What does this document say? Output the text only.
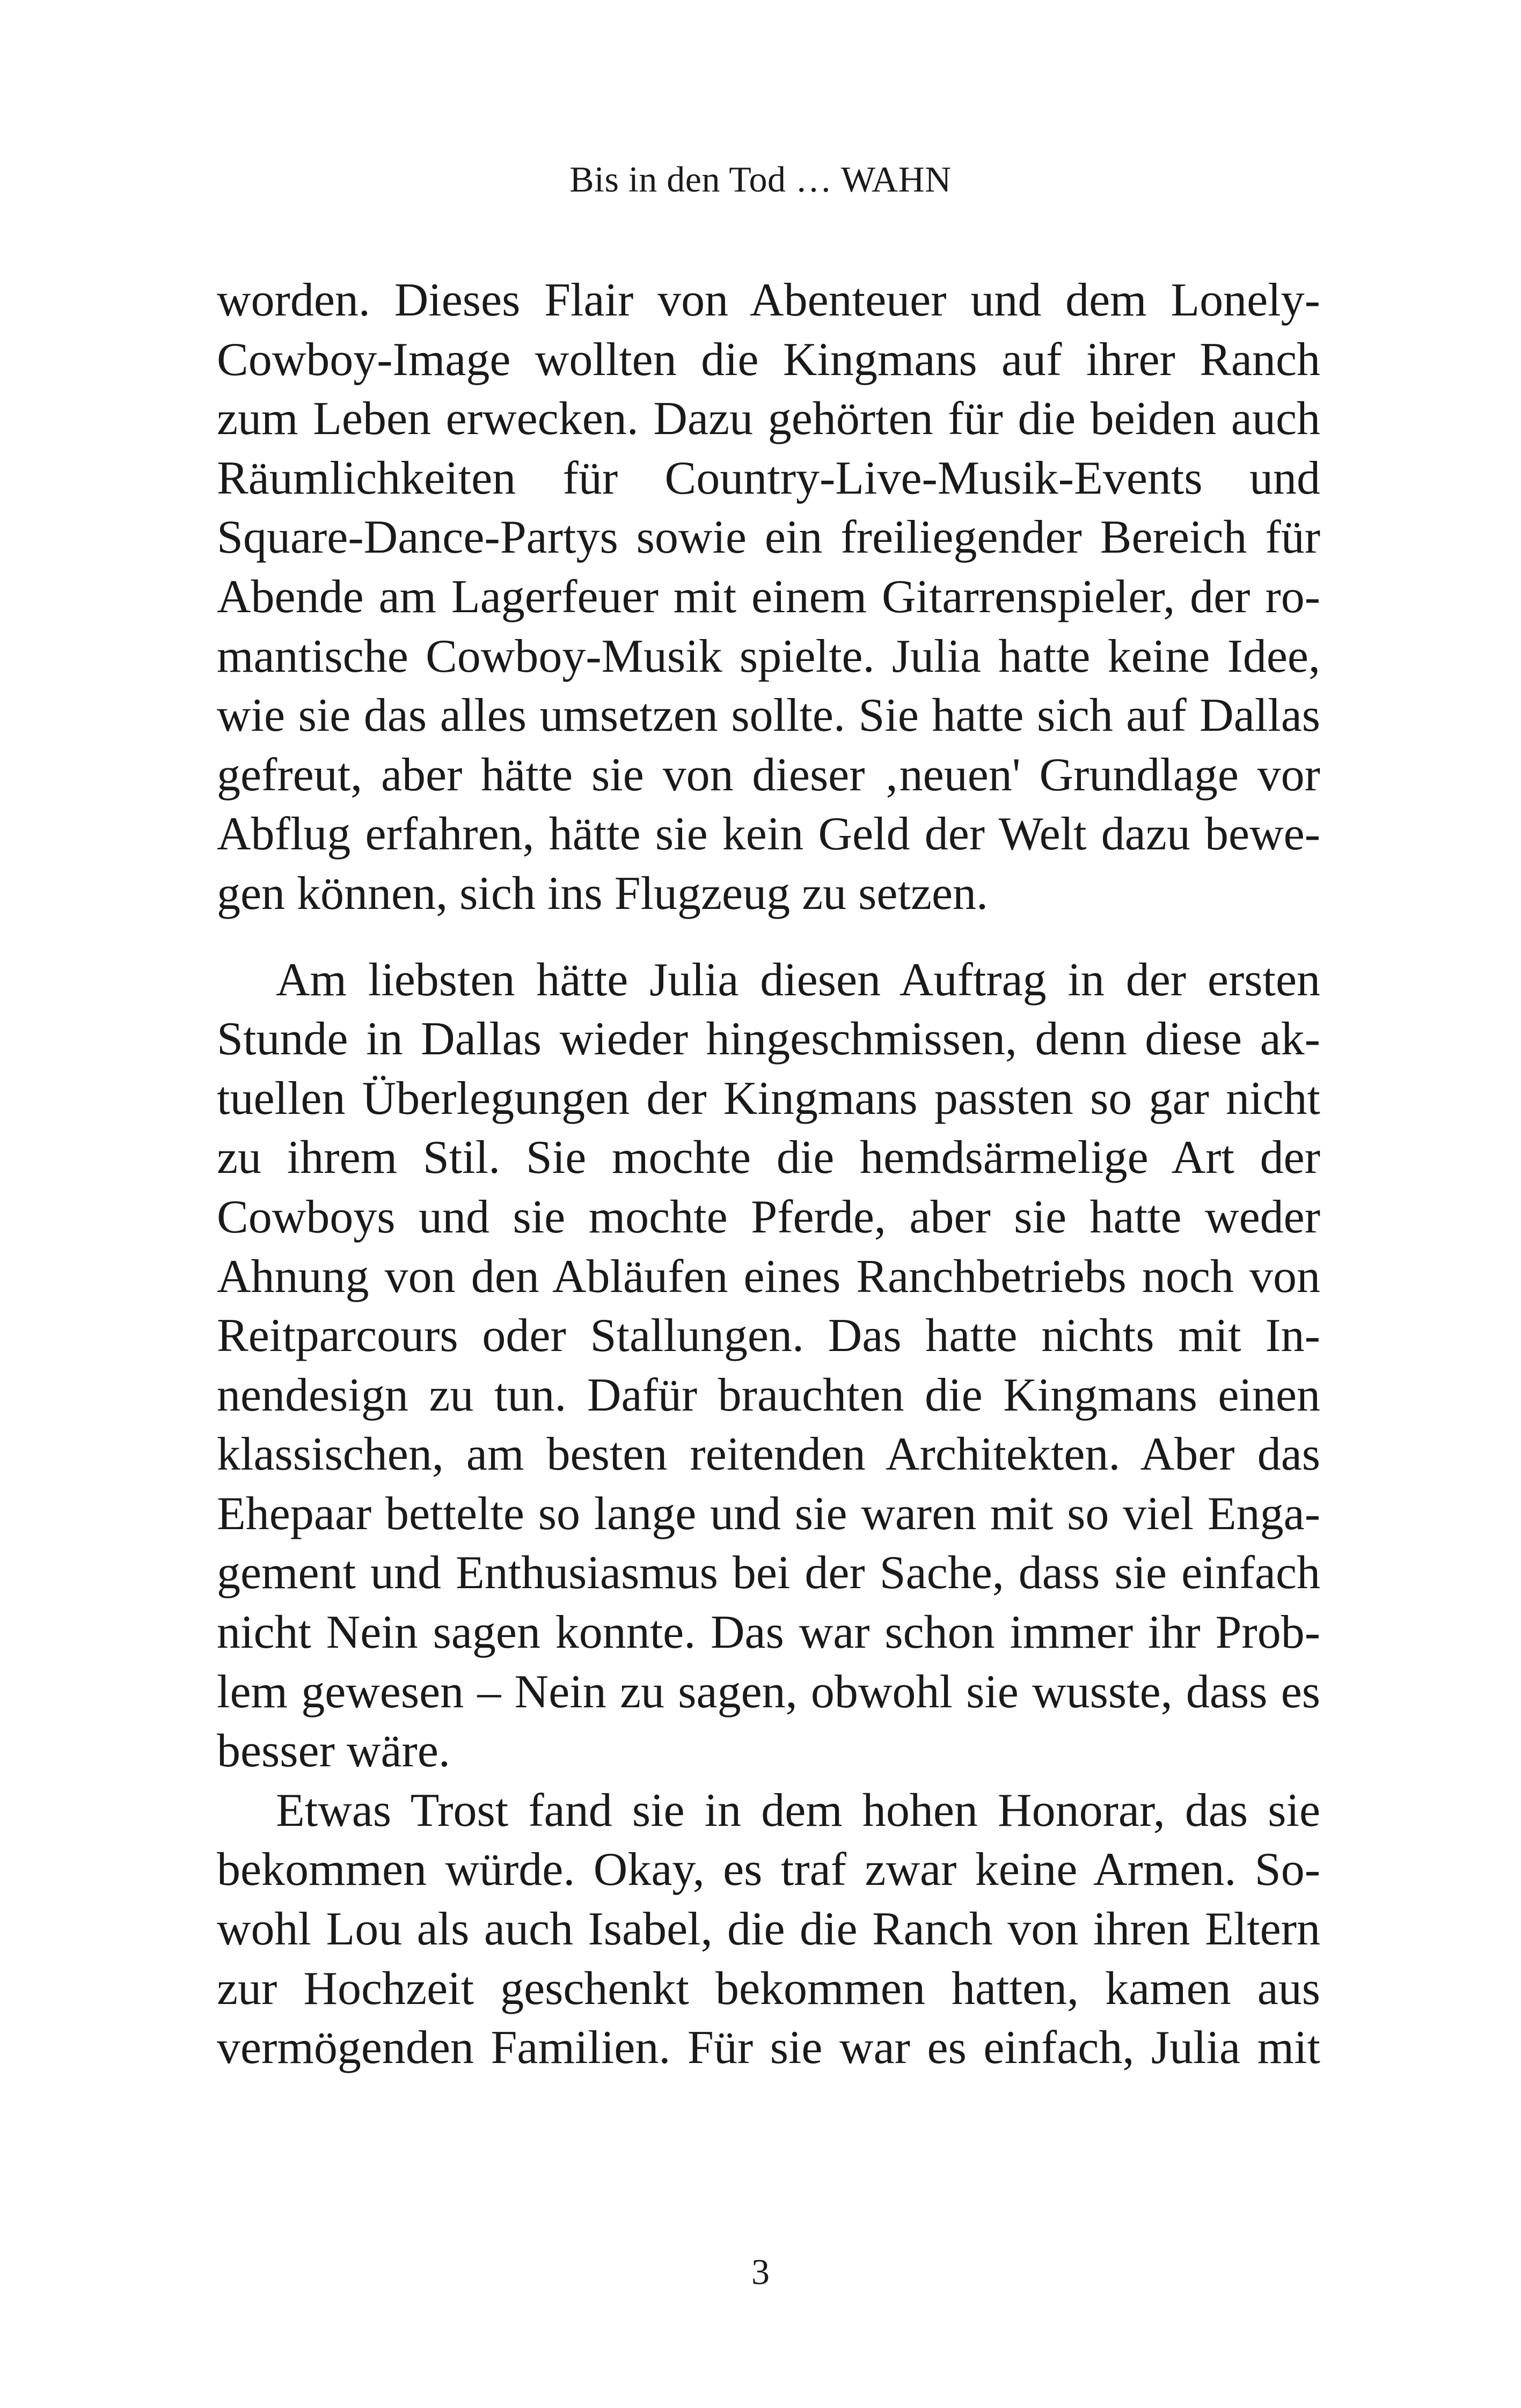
Bis in den Tod … WAHN
worden. Dieses Flair von Abenteuer und dem Lonely-
Cowboy-Image wollten die Kingmans auf ihrer Ranch
zum Leben erwecken. Dazu gehörten für die beiden auch
Räumlichkeiten für Country-Live-Musik-Events und
Square-Dance-Partys sowie ein freiliegender Bereich für
Abende am Lagerfeuer mit einem Gitarrenspieler, der ro-
mantische Cowboy-Musik spielte. Julia hatte keine Idee,
wie sie das alles umsetzen sollte. Sie hatte sich auf Dallas
gefreut, aber hätte sie von dieser ‚neuen' Grundlage vor
Abflug erfahren, hätte sie kein Geld der Welt dazu bewe-
gen können, sich ins Flugzeug zu setzen.
Am liebsten hätte Julia diesen Auftrag in der ersten
Stunde in Dallas wieder hingeschmissen, denn diese ak-
tuellen Überlegungen der Kingmans passten so gar nicht
zu ihrem Stil. Sie mochte die hemdsärmelige Art der
Cowboys und sie mochte Pferde, aber sie hatte weder
Ahnung von den Abläufen eines Ranchbetriebs noch von
Reitparcours oder Stallungen. Das hatte nichts mit In-
nendesign zu tun. Dafür brauchten die Kingmans einen
klassischen, am besten reitenden Architekten. Aber das
Ehepaar bettelte so lange und sie waren mit so viel Enga-
gement und Enthusiasmus bei der Sache, dass sie einfach
nicht Nein sagen konnte. Das war schon immer ihr Prob-
lem gewesen – Nein zu sagen, obwohl sie wusste, dass es
besser wäre.
Etwas Trost fand sie in dem hohen Honorar, das sie
bekommen würde. Okay, es traf zwar keine Armen. So-
wohl Lou als auch Isabel, die die Ranch von ihren Eltern
zur Hochzeit geschenkt bekommen hatten, kamen aus
vermögenden Familien. Für sie war es einfach, Julia mit
3
